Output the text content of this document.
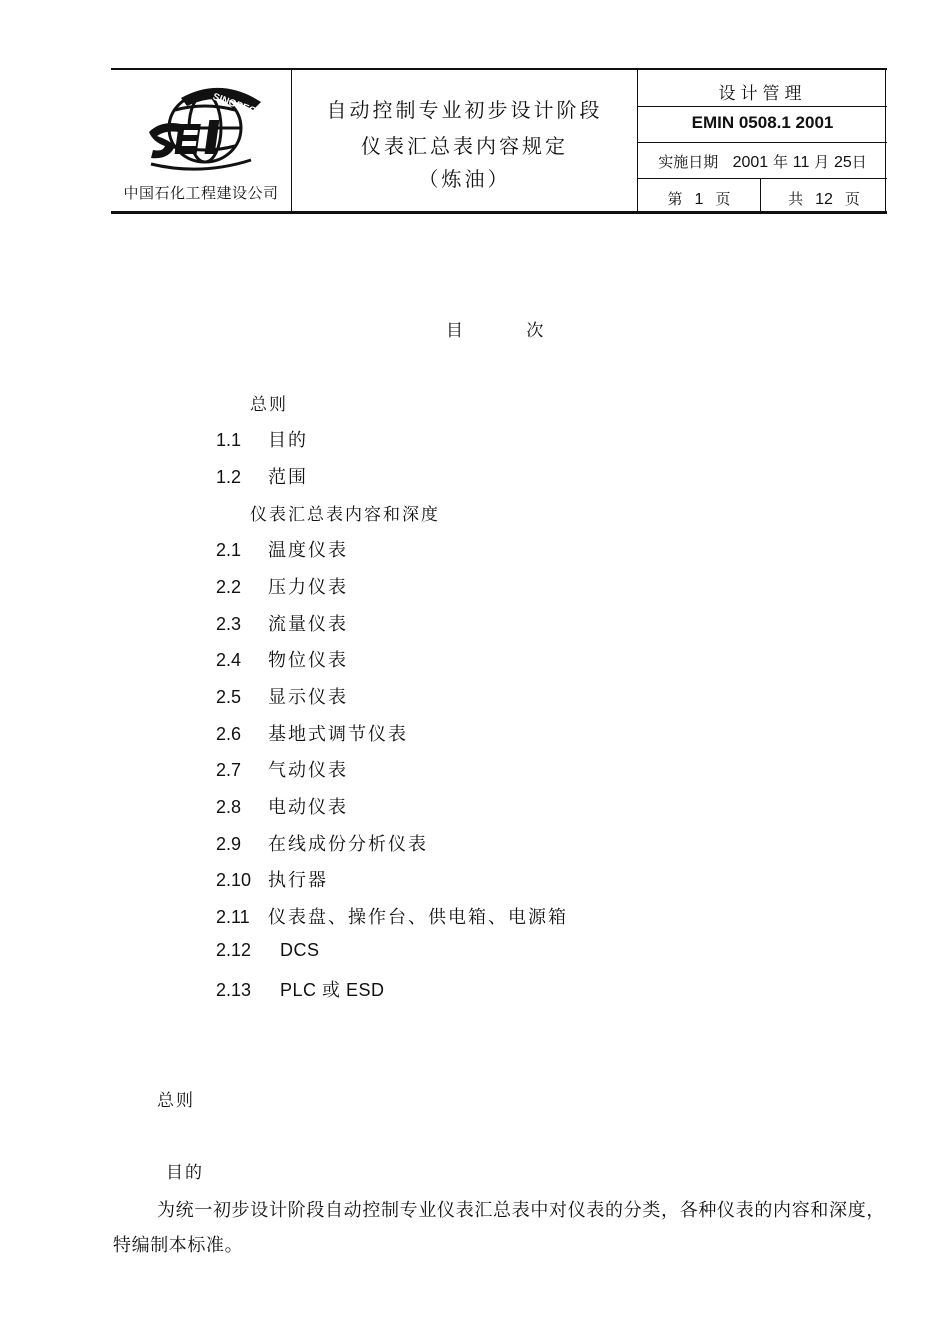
SINOPEC
中国石化工程建设公司
自动控制专业初步设计阶段
仪表汇总表内容规定
（炼油）
设计管理
EMIN 0508.1 2001
实施日期 2001 年 11 月 25日
第 1 页	共 12 页
目 次
总则
1.1 目的
1.2 范围
仪表汇总表内容和深度
2.1 温度仪表
2.2 压力仪表
2.3 流量仪表
2.4 物位仪表
2.5 显示仪表
2.6 基地式调节仪表
2.7 气动仪表
2.8 电动仪表
2.9 在线成份分析仪表
2.10 执行器
2.11 仪表盘、操作台、供电箱、电源箱
2.12 DCS
2.13 PLC 或 ESD
总则
目的
为统一初步设计阶段自动控制专业仪表汇总表中对仪表的分类，各种仪表的内容和深度，特编制本标准。
